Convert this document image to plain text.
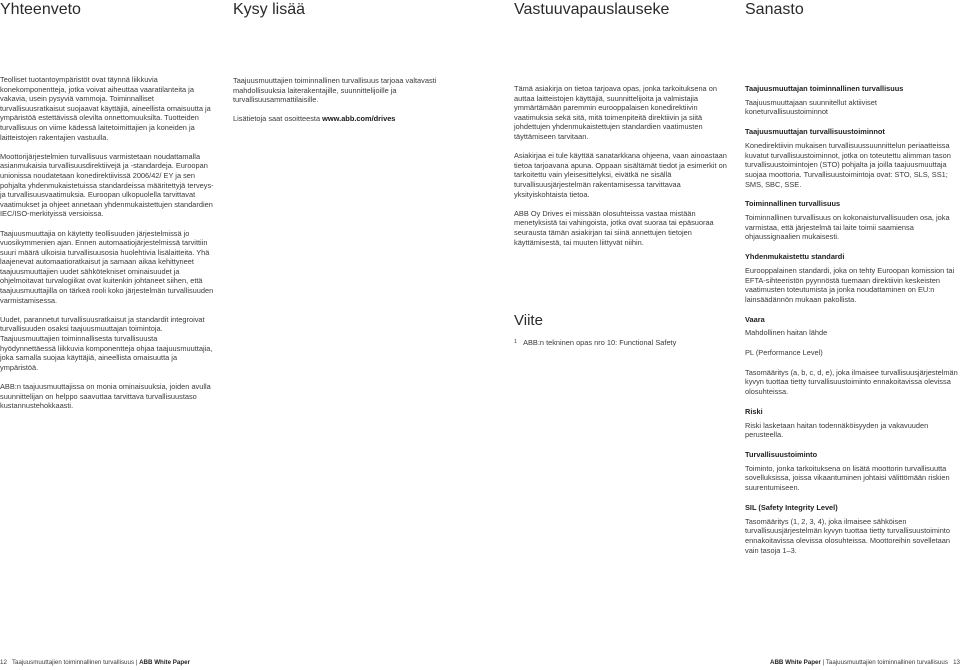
Yhteenveto	Kysy lisää	Vastuuvapauslauseke	Sanasto

Teolliset tuotantoympäristöt ovat täynnä liikkuvia konekomponentteja, jotka voivat aiheuttaa vaaratilanteita ja vakavia, usein pysyviä vammoja. Toiminnalliset turvallisuusratkaisut suojaavat käyttäjiä, aineellista omaisuutta ja ympäristöä estettävissä olevilta onnettomuuksilta. Tuotteiden turvallisuus on viime kädessä laitetoimittajien ja koneiden ja laitteistojen rakentajien vastuulla.

Moottorijärjestelmien turvallisuus varmistetaan noudattamalla asianmukaisia turvallisuusdirektiivejä ja -standardeja. Euroopan unionissa noudatetaan konedirektiivissä 2006/42/ EY ja sen pohjalta yhdenmukaistetuissa standardeissa määritettyjä terveys- ja turvallisuusvaatimuksia. Euroopan ulkopuolella tarvittavat vaatimukset ja ohjeet annetaan yhdenmukaistettujen standardien IEC/ISO-merkityissä versioissa.

Taajuusmuuttajia on käytetty teollisuuden järjestelmissä jo vuosikymmenien ajan. Ennen automaatiojärjestelmissä tarvittiin suuri määrä ulkoisia turvallisuusosia huolehtivia lisälaitteita. Yhä laajenevat automaatioratkaisut ja samaan aikaa kehittyneet taajuusmuuttajien uudet sähkötekniset ominaisuudet ja ohjelmoitavat turvalogiikat ovat kuitenkin johtaneet siihen, että taajuusmuuttajilla on tärkeä rooli koko järjestelmän turvallisuuden varmistamisessa.

Uudet, parannetut turvallisuusratkaisut ja standardit integroivat turvallisuuden osaksi taajuusmuuttajan toimintoja. Taajuusmuuttajien toiminnallisesta turvallisuusta hyödynnettäessä liikkuvia komponentteja ohjaa taajuusmuuttajia, joka samalla suojaa käyttäjiä, aineellista omaisuutta ja ympäristöä.

ABB:n taajuusmuuttajissa on monia ominaisuuksia, joiden avulla suunnittelijan on helppo saavuttaa tarvittava turvallisuustaso kustannustehokkaasti.

Taajuusmuuttajien toiminnallinen turvallisuus tarjoaa valtavasti mahdollisuuksia laiterakentajille, suunnittelijoille ja turvallisuusammattilaisille.

Lisätietoja saat osoitteesta www.abb.com/drives

Tämä asiakirja on tietoa tarjoava opas, jonka tarkoituksena on auttaa laitteistojen käyttäjiä, suunnittelijoita ja valmistajia ymmärtämään paremmin eurooppalaisen konedirektiivin vaatimuksia sekä sitä, mitä toimenpiteitä direktiivin ja siitä johdettujen yhdenmukaistettujen standardien vaatimusten täyttämiseen tarvitaan.

Asiakirjaa ei tule käyttää sanatarkkana ohjeena, vaan ainoastaan tietoa tarjoavana apuna. Oppaan sisältämät tiedot ja esimerkit on tarkoitettu vain yleisesittelyksi, eivätkä ne sisällä turvallisuusjärjestelmän rakentamisessa tarvittavaa yksityiskohtaista tietoa.

ABB Oy Drives ei missään olosuhteissa vastaa mistään menetyksistä tai vahingoista, jotka ovat suoraa tai epäsuoraa seurausta tämän asiakirjan tai siinä annettujen tietojen käyttämisestä, tai muuten liittyvät niihin.

Viite
1 ABB:n tekninen opas nro 10: Functional Safety
Taajuusmuuttajan toiminnallinen turvallisuus
Taajuusmuuttajaan suunnitellut aktiiviset koneturvallisuustoiminnot
Taajuusmuuttajan turvallisuustoiminnot
Konedirektiivin mukaisen turvallisuussuunnittelun periaatteissa kuvatut turvallisuustoiminnot, jotka on toteutettu alimman tason turvallisuustoimintojen (STO) pohjalta ja joilla taajuusmuuttaja suojaa moottoria. Turvallisuustoimintoja ovat: STO, SLS, SS1; SMS, SBC, SSE.
Toiminnallinen turvallisuus
Toiminnallinen turvallisuus on kokonaisturvallisuuden osa, joka varmistaa, että järjestelmä tai laite toimii saamiensa ohjaussignaalien mukaisesti.
Yhdenmukaistettu standardi
Eurooppalainen standardi, joka on tehty Euroopan komission tai EFTA-sihteeristön pyynnöstä tuemaan direktiivin keskeisten vaatimusten toteutumista ja jonka noudattaminen on EU:n lainsäädännön mukaan pakollista.
Vaara
Mahdollinen haitan lähde
PL (Performance Level)
Tasomääritys (a, b, c, d, e), joka ilmaisee turvallisuusjärjestelmän kyvyn tuottaa tietty turvallisuustoiminto ennakoitavissa olevissa olosuhteissa.
Riski
Riski lasketaan haitan todennäköisyyden ja vakavuuden perusteella.
Turvallisuustoiminto
Toiminto, jonka tarkoituksena on lisätä moottorin turvallisuutta sovelluksissa, joissa vikaantuminen johtaisi välittömään riskien suurentumiseen.
SIL (Safety Integrity Level)
Tasomääritys (1, 2, 3, 4), joka ilmaisee sähköisen turvallisuusjärjestelmän kyvyn tuottaa tietty turvallisuustoiminto ennakoitavissa olevissa olosuhteissa. Moottoreihin sovelletaan vain tasoja 1–3.
12 Taajuusmuuttajien toiminnallinen turvallisuus | ABB White Paper	ABB White Paper | Taajuusmuuttajien toiminnallinen turvallisuus 13
